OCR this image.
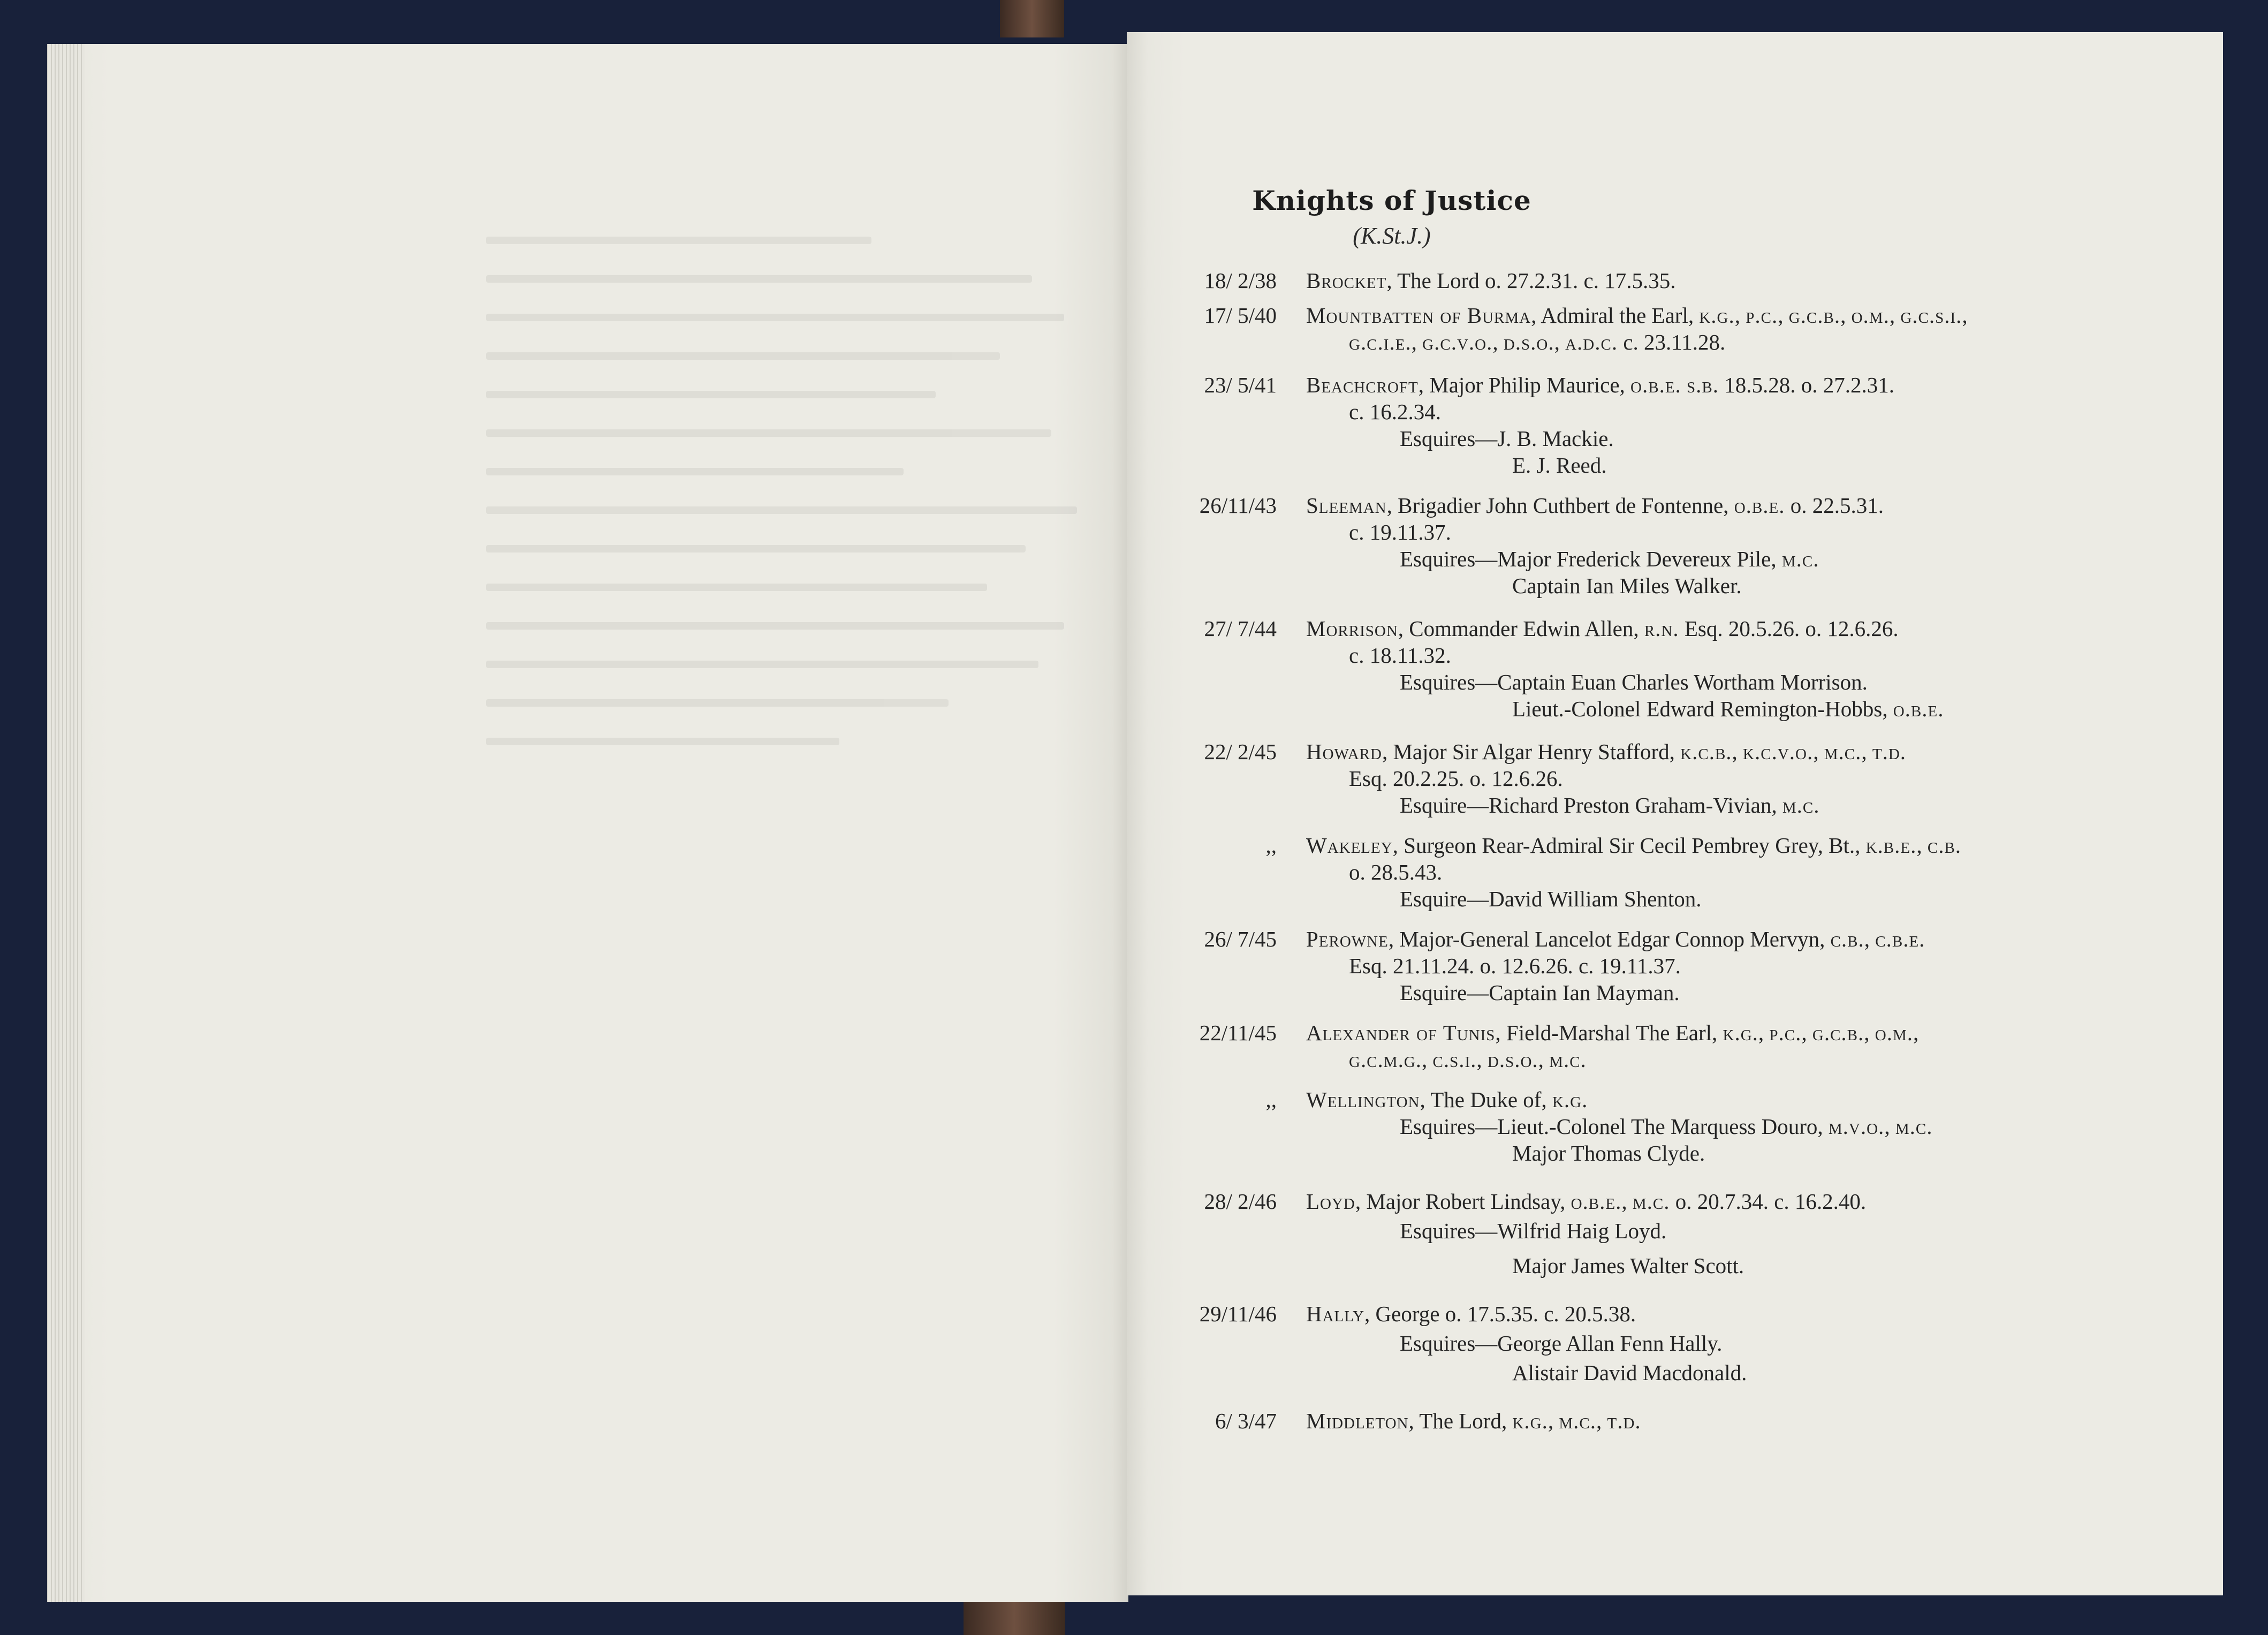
Knights of Justice
(K.St.J.)
18/ 2/38 Brocket, The Lord o. 27.2.31. c. 17.5.35.
17/ 5/40 Mountbatten of Burma, Admiral the Earl, k.g., p.c., g.c.b., o.m., g.c.s.i.,
g.c.i.e., g.c.v.o., d.s.o., a.d.c. c. 23.11.28.
23/ 5/41 Beachcroft, Major Philip Maurice, o.b.e. s.b. 18.5.28. o. 27.2.31.
c. 16.2.34.
Esquires—J. B. Mackie.
E. J. Reed.
26/11/43 Sleeman, Brigadier John Cuthbert de Fontenne, o.b.e. o. 22.5.31.
c. 19.11.37.
Esquires—Major Frederick Devereux Pile, m.c.
Captain Ian Miles Walker.
27/ 7/44 Morrison, Commander Edwin Allen, r.n. Esq. 20.5.26. o. 12.6.26.
c. 18.11.32.
Esquires—Captain Euan Charles Wortham Morrison.
Lieut.-Colonel Edward Remington-Hobbs, o.b.e.
22/ 2/45 Howard, Major Sir Algar Henry Stafford, k.c.b., k.c.v.o., m.c., t.d.
Esq. 20.2.25. o. 12.6.26.
Esquire—Richard Preston Graham-Vivian, m.c.
,, Wakeley, Surgeon Rear-Admiral Sir Cecil Pembrey Grey, Bt., k.b.e., c.b.
o. 28.5.43.
Esquire—David William Shenton.
26/ 7/45 Perowne, Major-General Lancelot Edgar Connop Mervyn, c.b., c.b.e.
Esq. 21.11.24. o. 12.6.26. c. 19.11.37.
Esquire—Captain Ian Mayman.
22/11/45 Alexander of Tunis, Field-Marshal The Earl, k.g., p.c., g.c.b., o.m.,
g.c.m.g., c.s.i., d.s.o., m.c.
,, Wellington, The Duke of, k.g.
Esquires—Lieut.-Colonel The Marquess Douro, m.v.o., m.c.
Major Thomas Clyde.
28/ 2/46 Loyd, Major Robert Lindsay, o.b.e., m.c. o. 20.7.34. c. 16.2.40.
Esquires—Wilfrid Haig Loyd.
Major James Walter Scott.
29/11/46 Hally, George o. 17.5.35. c. 20.5.38.
Esquires—George Allan Fenn Hally.
Alistair David Macdonald.
6/ 3/47 Middleton, The Lord, k.g., m.c., t.d.
